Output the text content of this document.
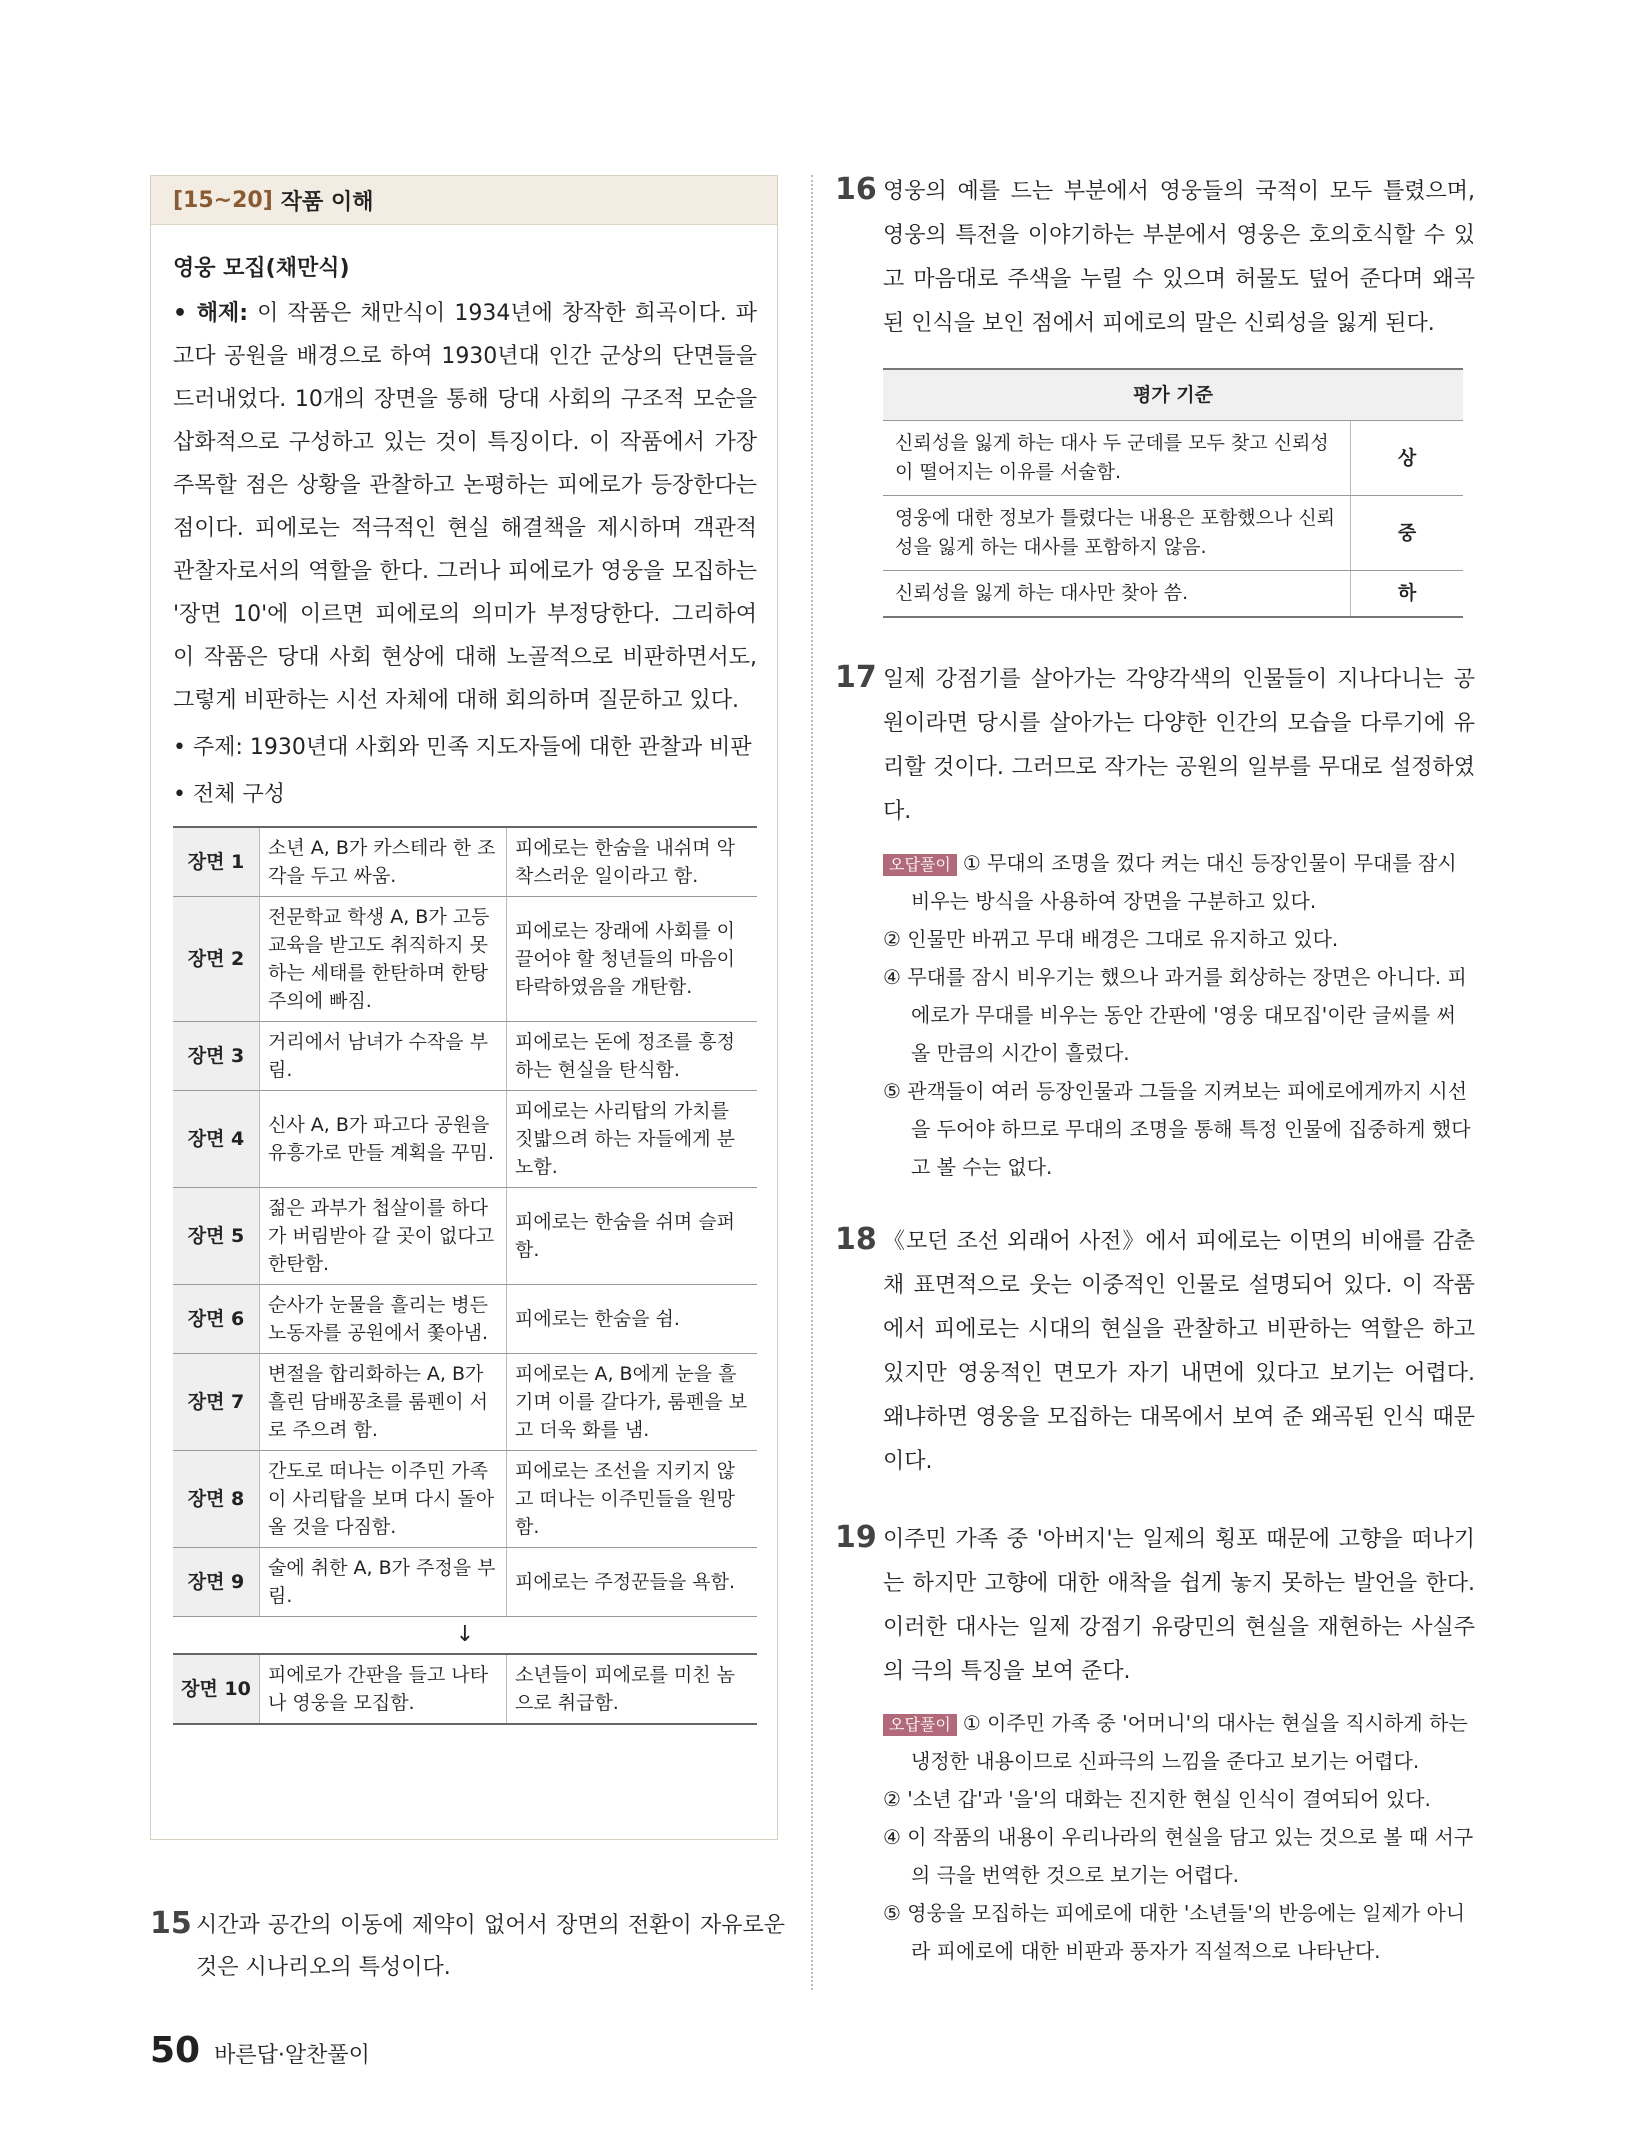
[15~20] 작품 이해
영웅 모집(채만식)
• 해제: 이 작품은 채만식이 1934년에 창작한 희곡이다. 파고다 공원을 배경으로 하여 1930년대 인간 군상의 단면들을 드러내었다. 10개의 장면을 통해 당대 사회의 구조적 모순을 삽화적으로 구성하고 있는 것이 특징이다. 이 작품에서 가장 주목할 점은 상황을 관찰하고 논평하는 피에로가 등장한다는 점이다. 피에로는 적극적인 현실 해결책을 제시하며 객관적 관찰자로서의 역할을 한다. 그러나 피에로가 영웅을 모집하는 '장면 10'에 이르면 피에로의 의미가 부정당한다. 그리하여 이 작품은 당대 사회 현상에 대해 노골적으로 비판하면서도, 그렇게 비판하는 시선 자체에 대해 회의하며 질문하고 있다.
• 주제: 1930년대 사회와 민족 지도자들에 대한 관찰과 비판
• 전체 구성
장면 1	소년 A, B가 카스테라 한 조각을 두고 싸움.	피에로는 한숨을 내쉬며 악착스러운 일이라고 함.
장면 2	전문학교 학생 A, B가 고등교육을 받고도 취직하지 못하는 세태를 한탄하며 한탕주의에 빠짐.	피에로는 장래에 사회를 이끌어야 할 청년들의 마음이 타락하였음을 개탄함.
장면 3	거리에서 남녀가 수작을 부림.	피에로는 돈에 정조를 흥정하는 현실을 탄식함.
장면 4	신사 A, B가 파고다 공원을 유흥가로 만들 계획을 꾸밈.	피에로는 사리탑의 가치를 짓밟으려 하는 자들에게 분노함.
장면 5	젊은 과부가 첩살이를 하다가 버림받아 갈 곳이 없다고 한탄함.	피에로는 한숨을 쉬며 슬퍼함.
장면 6	순사가 눈물을 흘리는 병든 노동자를 공원에서 쫓아냄.	피에로는 한숨을 쉼.
장면 7	변절을 합리화하는 A, B가 흘린 담배꽁초를 룸펜이 서로 주으려 함.	피에로는 A, B에게 눈을 흘기며 이를 갈다가, 룸펜을 보고 더욱 화를 냄.
장면 8	간도로 떠나는 이주민 가족이 사리탑을 보며 다시 돌아올 것을 다짐함.	피에로는 조선을 지키지 않고 떠나는 이주민들을 원망함.
장면 9	술에 취한 A, B가 주정을 부림.	피에로는 주정꾼들을 욕함.
↓		
장면 10	피에로가 간판을 들고 나타나 영웅을 모집함.	소년들이 피에로를 미친 놈으로 취급함.
15 시간과 공간의 이동에 제약이 없어서 장면의 전환이 자유로운 것은 시나리오의 특성이다.
16 영웅의 예를 드는 부분에서 영웅들의 국적이 모두 틀렸으며, 영웅의 특전을 이야기하는 부분에서 영웅은 호의호식할 수 있고 마음대로 주색을 누릴 수 있으며 허물도 덮어 준다며 왜곡된 인식을 보인 점에서 피에로의 말은 신뢰성을 잃게 된다.
평가 기준	
신뢰성을 잃게 하는 대사 두 군데를 모두 찾고 신뢰성이 떨어지는 이유를 서술함.	상
영웅에 대한 정보가 틀렸다는 내용은 포함했으나 신뢰성을 잃게 하는 대사를 포함하지 않음.	중
신뢰성을 잃게 하는 대사만 찾아 씀.	하
17 일제 강점기를 살아가는 각양각색의 인물들이 지나다니는 공원이라면 당시를 살아가는 다양한 인간의 모습을 다루기에 유리할 것이다. 그러므로 작가는 공원의 일부를 무대로 설정하였다.

오답풀이 ① 무대의 조명을 껐다 켜는 대신 등장인물이 무대를 잠시 비우는 방식을 사용하여 장면을 구분하고 있다.

② 인물만 바뀌고 무대 배경은 그대로 유지하고 있다.

④ 무대를 잠시 비우기는 했으나 과거를 회상하는 장면은 아니다. 피에로가 무대를 비우는 동안 간판에 '영웅 대모집'이란 글씨를 써 올 만큼의 시간이 흘렀다.

⑤ 관객들이 여러 등장인물과 그들을 지켜보는 피에로에게까지 시선을 두어야 하므로 무대의 조명을 통해 특정 인물에 집중하게 했다고 볼 수는 없다.

18 《모던 조선 외래어 사전》에서 피에로는 이면의 비애를 감춘 채 표면적으로 웃는 이중적인 인물로 설명되어 있다. 이 작품에서 피에로는 시대의 현실을 관찰하고 비판하는 역할은 하고 있지만 영웅적인 면모가 자기 내면에 있다고 보기는 어렵다. 왜냐하면 영웅을 모집하는 대목에서 보여 준 왜곡된 인식 때문이다.
19 이주민 가족 중 '아버지'는 일제의 횡포 때문에 고향을 떠나기는 하지만 고향에 대한 애착을 쉽게 놓지 못하는 발언을 한다. 이러한 대사는 일제 강점기 유랑민의 현실을 재현하는 사실주의 극의 특징을 보여 준다.

오답풀이 ① 이주민 가족 중 '어머니'의 대사는 현실을 직시하게 하는 냉정한 내용이므로 신파극의 느낌을 준다고 보기는 어렵다.

② '소년 갑'과 '을'의 대화는 진지한 현실 인식이 결여되어 있다.

④ 이 작품의 내용이 우리나라의 현실을 담고 있는 것으로 볼 때 서구의 극을 번역한 것으로 보기는 어렵다.

⑤ 영웅을 모집하는 피에로에 대한 '소년들'의 반응에는 일제가 아니라 피에로에 대한 비판과 풍자가 직설적으로 나타난다.

50 바른답·알찬풀이
